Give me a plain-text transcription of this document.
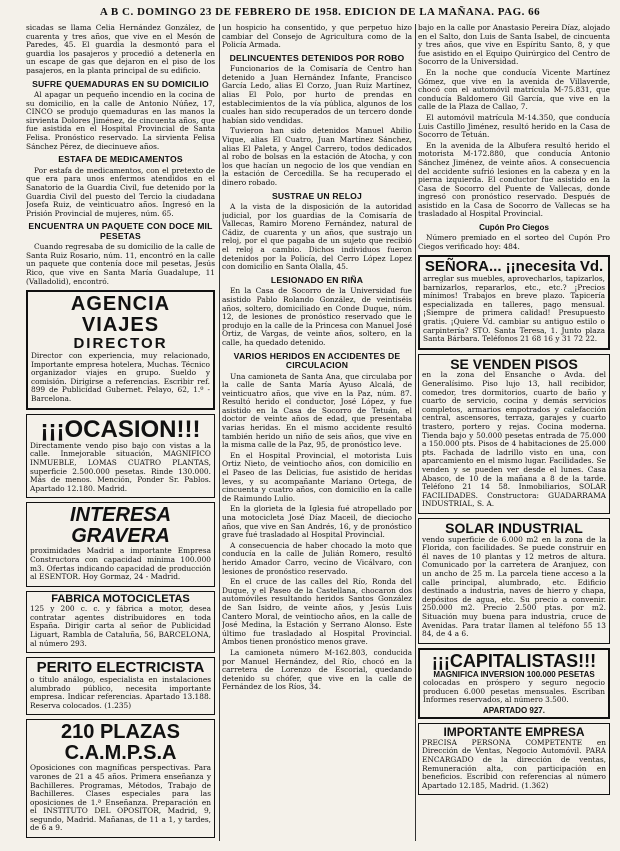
A B C. DOMINGO 23 DE FEBRERO DE 1958. EDICION DE LA MAÑANA. PAG. 66

sicadas se llama Celia Hernández González, de cuarenta y tres años, que vive en el Mesón de Paredes, 45. El guardia la desmontó para el guardia los pasajeros y procedió a detenerla en un escape de gas que dejaron en el piso de los pasajeros, en la planta principal de su edificio.

SUFRE QUEMADURAS EN SU DOMICILIO

Al apagar un pequeño incendio en la cocina de su domicilio, en la calle de Antonio Núñez, 17, CINCO se produjo quemaduras en las manos la sirvienta Dolores Jiménez, de cincuenta años, que fue asistida en el Hospital Provincial de Santa Felisa. Pronóstico reservado. La sirvienta Felisa Sánchez Pérez, de diecinueve años.

ESTAFA DE MEDICAMENTOS

Por estafa de medicamentos, con el pretexto de que era para unos enfermos atendidos en el Sanatorio de la Guardia Civil, fue detenido por la Guardia Civil del puesto del Tercio la ciudadana Josefa Ruiz, de veinticuatro años. Ingresó en la Prisión Provincial de mujeres, núm. 65.

ENCUENTRA UN PAQUETE CON DOCE MIL PESETAS

Cuando regresaba de su domicilio de la calle de Santa Ruiz Rosario, núm. 11, encontró en la calle un paquete que contenía doce mil pesetas, Jesús Rico, que vive en Santa María Guadalupe, 11 (Valladolid), encontró.

AGENCIA VIAJES
DIRECTOR

Director con experiencia, muy relacionado, Importante empresa hotelera, Muchas. Técnico organizador viajes en grupo. Sueldo y comisión. Dirigirse a referencias. Escribir ref. 899 de Publicidad Gubernet. Pelayo, 62, 1.º - Barcelona.

¡¡¡OCASION!!!

Directamente vendo piso bajo con vistas a la calle. Inmejorable situación, MAGNIFICO INMUEBLE, LOMAS CUATRO PLANTAS, superficie 2.500.000 pesetas. Rinde 130.000. Más de menos. Mención, Ponder Sr. Pablos. Apartado 12.180. Madrid.

INTERESA GRAVERA

proximidades Madrid a importante Empresa Constructora con capacidad mínima 100.000 m3. Ofertas indicando capacidad de producción al ESENTOR. Hoy Gormaz, 24 - Madrid.

FABRICA MOTOCICLETAS

125 y 200 c. c. y fábrica a motor, desea contratar agentes distribuidores en toda España. Dirigir carta al señor de Publicidad Liguart, Rambla de Cataluña, 56, BARCELONA, al número 293.

PERITO ELECTRICISTA

o título análogo, especialista en instalaciones alumbrado público, necesita importante empresa. Indicar referencias. Apartado 13.188. Reserva colocados. (1.235)

210 PLAZAS C.A.M.P.S.A

Oposiciones con magníficas perspectivas. Para varones de 21 a 45 años. Primera enseñanza y Bachilleres. Programas, Métodos, Trabajo de Bachilleres. Clases especiales para las oposiciones de 1.ª Enseñanza. Preparación en el INSTITUTO DEL OPOSITOR, Madrid, 9, segundo, Madrid. Mañanas, de 11 a 1, y tardes, de 6 a 9.

un hospicio ha consentido, y que perpetuo hizo cambiar del Consejo de Agricultura como de la Policía Armada.

DELINCUENTES DETENIDOS POR ROBO

Funcionarios de la Comisaría de Centro han detenido a Juan Hernández Infante, Francisco García Ledo, alias El Corzo, Juan Ruiz Martínez, alias El Polo, por hurto de prendas en establecimientos de la vía pública, algunos de los cuales han sido recuperados de un tercero donde habían sido vendidas.

Tuvieron han sido detenidos Manuel Abilio Vique, alias El Cuatro, Juan Martínez Sánchez, alias El Paleta, y Angel Carrero, todos dedicados al robo de bolsas en la estación de Atocha, y con los que hacían un negocio de los que vendían en la estación de Cercedilla. Se ha recuperado el dinero robado.

SUSTRAE UN RELOJ

A la vista de la disposición de la autoridad judicial, por los guardias de la Comisaría de Vallecas, Ramiro Moreno Fernández, natural de Cádiz, de cuarenta y un años, que sustrajo un reloj, por el que pagaba de un sujeto que recibió el reloj a cambio. Dichos individuos fueron detenidos por la Policía, del Cerro López Lopez con domicilio en Santa Olalla, 45.

LESIONADO EN RIÑA

En la Casa de Socorro de la Universidad fue asistido Pablo Rolando González, de veintiséis años, soltero, domiciliado en Conde Duque, núm. 12, de lesiones de pronóstico reservado que le produjo en la calle de la Princesa con Manuel José Ortiz, de Vargas, de veinte años, soltero, en la calle, ha quedado detenido.

VARIOS HERIDOS EN ACCIDENTES DE CIRCULACION

Una camioneta de Santa Ana, que circulaba por la calle de Santa María Ayuso Alcalá, de veinticuatro años, que vive en la Paz, núm. 87. Resultó herido el conductor, José López, y fue asistido en la Casa de Socorro de Tetuán, el doctor de veinte años de edad, que presentaba varias heridas. En el mismo accidente resultó también herido un niño de seis años, que vive en la misma calle de la Paz, 95, de pronóstico leve.

En el Hospital Provincial, el motorista Luis Ortiz Nieto, de veintiocho años, con domicilio en el Paseo de las Delicias, fue asistido de heridas leves, y su acompañante Mariano Ortega, de cincuenta y cuatro años, con domicilio en la calle de Raimundo Lulio.

En la glorieta de la Iglesia fué atropellado por una motocicleta José Díaz Maceil, de dieciocho años, que vive en San Andrés, 16, y de pronóstico grave fué trasladado al Hospital Provincial.

A consecuencia de haber chocado la moto que conducía en la calle de Julián Romero, resultó herido Amador Carro, vecino de Vicálvaro, con lesiones de pronóstico reservado.

En el cruce de las calles del Río, Ronda del Duque, y el Paseo de la Castellana, chocaron dos automóviles resultando heridos Santos González de San Isidro, de veinte años, y Jesús Luis Cantero Moral, de veintiocho años, en la calle de José Medina, la Estación y Serrano Alonso. Este último fue trasladado al Hospital Provincial. Ambos tienen pronóstico menos grave.

La camioneta número M-162.803, conducida por Manuel Hernández, del Río, chocó en la carretera de Lorenzo de Escorial, quedando detenido su chófer, que vive en la calle de Fernández de los Ríos, 34.

bajo en la calle por Anastasio Pereira Díaz, alojado en el Salto, don Luis de Santa Isabel, de cincuenta y tres años, que vive en Espíritu Santo, 8, y que fue asistido en el Equipo Quirúrgico del Centro de Socorro de la Universidad.

En la noche que conducía Vicente Martínez Gómez, que vive en la avenida de Villaverde, chocó con el automóvil matrícula M-75.831, que conducía Baldomero Gil García, que vive en la calle de la Plaza de Callao, 7.

El automóvil matrícula M-14.350, que conducía Luis Castillo Jiménez, resultó herido en la Casa de Socorro de Tetuán.

En la avenida de la Albufera resultó herido el motorista M-172.880, que conducía Antonio Sánchez Jiménez, de veinte años. A consecuencia del accidente sufrió lesiones en la cabeza y en la pierna izquierda. El conductor fue asistido en la Casa de Socorro del Puente de Vallecas, donde ingresó con pronóstico reservado. Después de asistido en la Casa de Socorro de Vallecas se ha trasladado al Hospital Provincial.

Cupón Pro Ciegos

Número premiado en el sorteo del Cupón Pro Ciegos verificado hoy: 484.

SEÑORA... ¡¡necesita Vd.

arreglar sus muebles, aprovecharlos, tapizarlos, barnizarlos, repararlos, etc., etc.? ¡Precios mínimos! Trabajos en breve plazo. Tapicería especializada en talleres, pago mensual. ¡Siempre de primera calidad! Presupuesto gratis. ¡Quiere Vd. cambiar su antiguo estilo o carpintería? STO. Santa Teresa, 1. Junto plaza Santa Bárbara. Teléfonos 21 68 16 y 31 72 22.

SE VENDEN PISOS

en la zona del Ensanche o Avda. del Generalísimo. Piso lujo 13, hall recibidor, comedor, tres dormitorios, cuarto de baño y cuarto de servicio, cocina y demás servicios completos, armarios empotrados y calefacción central, ascensores, terraza, garajes y cuarto trastero, portero y rejas. Cocina moderna. Tienda bajo y 50.000 pesetas entrada de 75.000 a 150.000 pts. Pisos de 4 habitaciones de 25.000 pts. Fachada de ladrillo visto en una, con aparcamiento en el mismo lugar. Facilidades. Se venden y se pueden ver desde el lunes. Casa Abasco, de 10 de la mañana a 8 de la tarde. Teléfono 21 14 58. Inmobiliarios, SOLAR FACILIDADES. Constructora: GUADARRAMA INDUSTRIAL, S. A.

SOLAR INDUSTRIAL

vendo superficie de 6.000 m2 en la zona de la Florida, con facilidades. Se puede construir en él naves de 10 plantas y 12 metros de altura. Comunicado por la carretera de Aranjuez, con un ancho de 25 m. La parcela tiene acceso a la calle principal, alumbrado, etc. Edificio destinado a industria, naves de hierro y chapa, depósitos de agua, etc. Su precio a convenir. 250.000 m2. Precio 2.500 ptas. por m2. Situación muy buena para industria, cruce de Avenidas. Para tratar llamen al teléfono 55 13 84, de 4 a 6.

¡¡¡CAPITALISTAS!!!
MAGNIFICA INVERSION 100.000 PESETAS

colocadas en próspero y seguro negocio producen 6.000 pesetas mensuales. Escriban Informes reservados, al número 3.500.

APARTADO 927.
IMPORTANTE EMPRESA

PRECISA PERSONA COMPETENTE en Dirección de Ventas, Negocio Automóvil. PARA ENCARGADO de la dirección de ventas, Remuneración alta, con participación en beneficios. Escribid con referencias al número Apartado 12.185, Madrid. (1.362)
